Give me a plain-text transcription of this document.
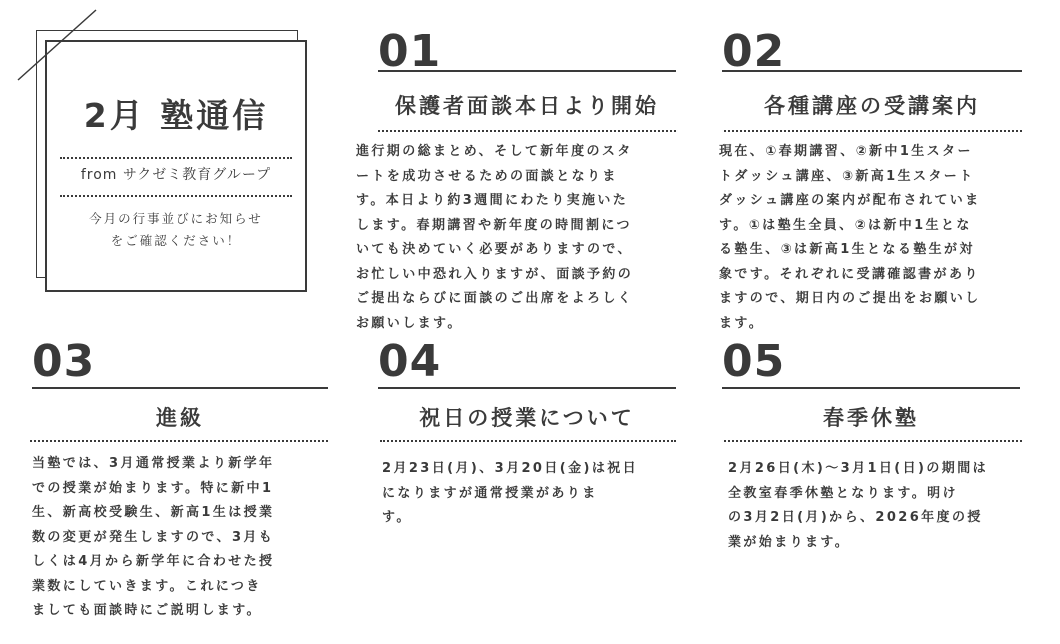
2月 塾通信
from サクゼミ教育グループ

今月の行事並びにお知らせ
をご確認ください！

01
保護者面談本日より開始

進行期の総まとめ、そして新年度のスタ
ートを成功させるための面談となりま
す。本日より約3週間にわたり実施いた
します。春期講習や新年度の時間割につ
いても決めていく必要がありますので、
お忙しい中恐れ入りますが、面談予約の
ご提出ならびに面談のご出席をよろしく
お願いします。

02
各種講座の受講案内

現在、①春期講習、②新中1生スター
トダッシュ講座、③新高1生スタート
ダッシュ講座の案内が配布されていま
す。①は塾生全員、②は新中1生とな
る塾生、③は新高1生となる塾生が対
象です。それぞれに受講確認書があり
ますので、期日内のご提出をお願いし
ます。

03
進級

当塾では、3月通常授業より新学年
での授業が始まります。特に新中1
生、新高校受験生、新高1生は授業
数の変更が発生しますので、3月も
しくは4月から新学年に合わせた授
業数にしていきます。これにつき
ましても面談時にご説明します。

04
祝日の授業について

2月23日(月)、3月20日(金)は祝日
になりますが通常授業がありま
す。

05
春季休塾

2月26日(木)～3月1日(日)の期間は
全教室春季休塾となります。明け
の3月2日(月)から、2026年度の授
業が始まります。
